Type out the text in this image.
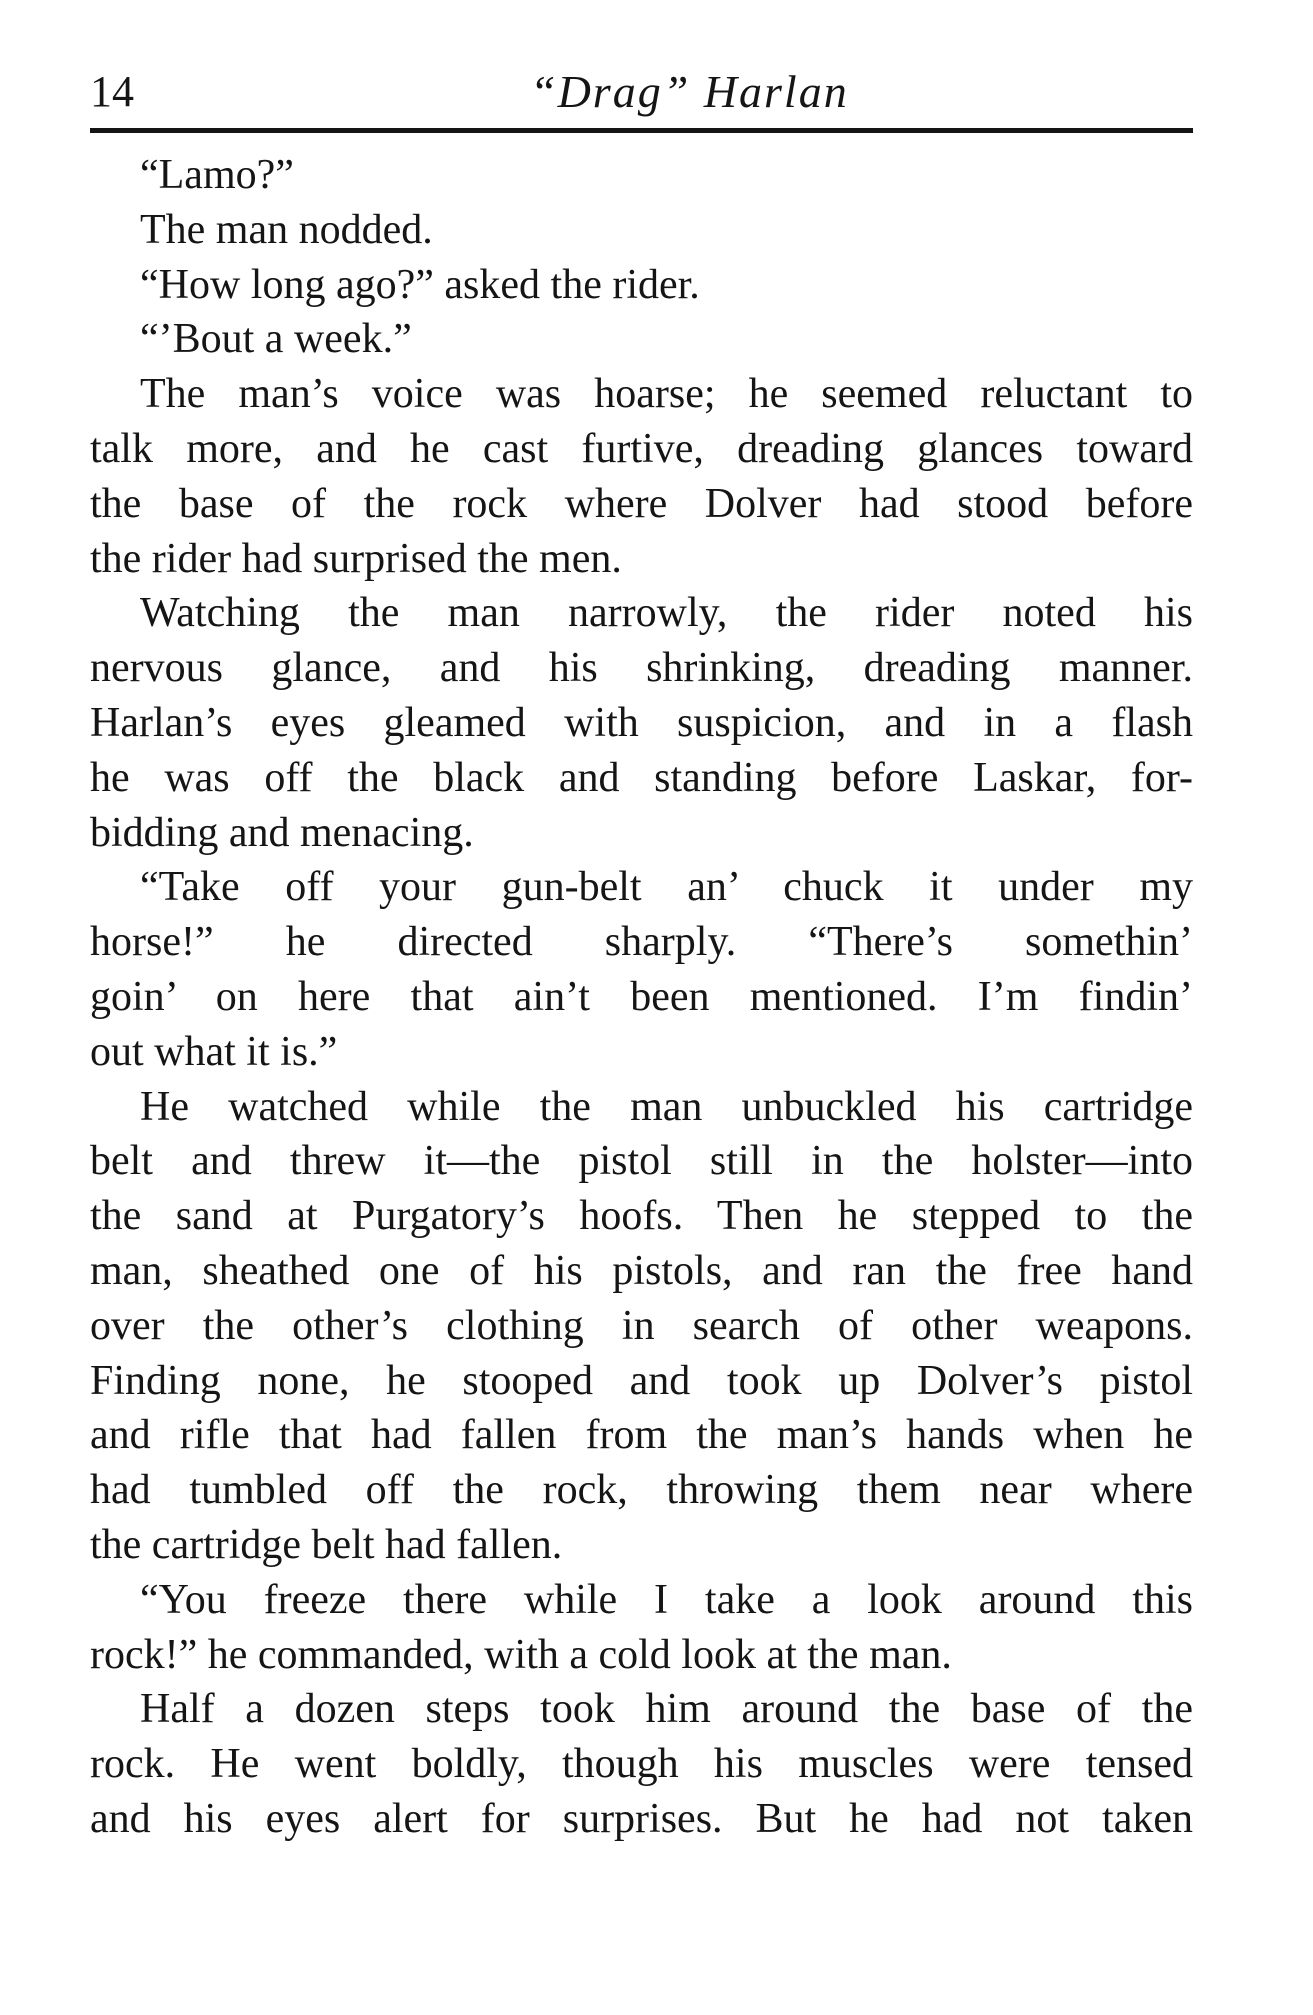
14	“Drag” Harlan
“Lamo?”
The man nodded.
“How long ago?” asked the rider.
“’Bout a week.”
The man’s voice was hoarse; he seemed reluctant to
talk more, and he cast furtive, dreading glances toward
the base of the rock where Dolver had stood before
the rider had surprised the men.
Watching the man narrowly, the rider noted his
nervous glance, and his shrinking, dreading manner.
Harlan’s eyes gleamed with suspicion, and in a flash
he was off the black and standing before Laskar, for-
bidding and menacing.
“Take off your gun-belt an’ chuck it under my
horse!” he directed sharply. “There’s somethin’
goin’ on here that ain’t been mentioned. I’m findin’
out what it is.”
He watched while the man unbuckled his cartridge
belt and threw it—the pistol still in the holster—into
the sand at Purgatory’s hoofs. Then he stepped to the
man, sheathed one of his pistols, and ran the free hand
over the other’s clothing in search of other weapons.
Finding none, he stooped and took up Dolver’s pistol
and rifle that had fallen from the man’s hands when he
had tumbled off the rock, throwing them near where
the cartridge belt had fallen.
“You freeze there while I take a look around this
rock!” he commanded, with a cold look at the man.
Half a dozen steps took him around the base of the
rock. He went boldly, though his muscles were tensed
and his eyes alert for surprises. But he had not taken
